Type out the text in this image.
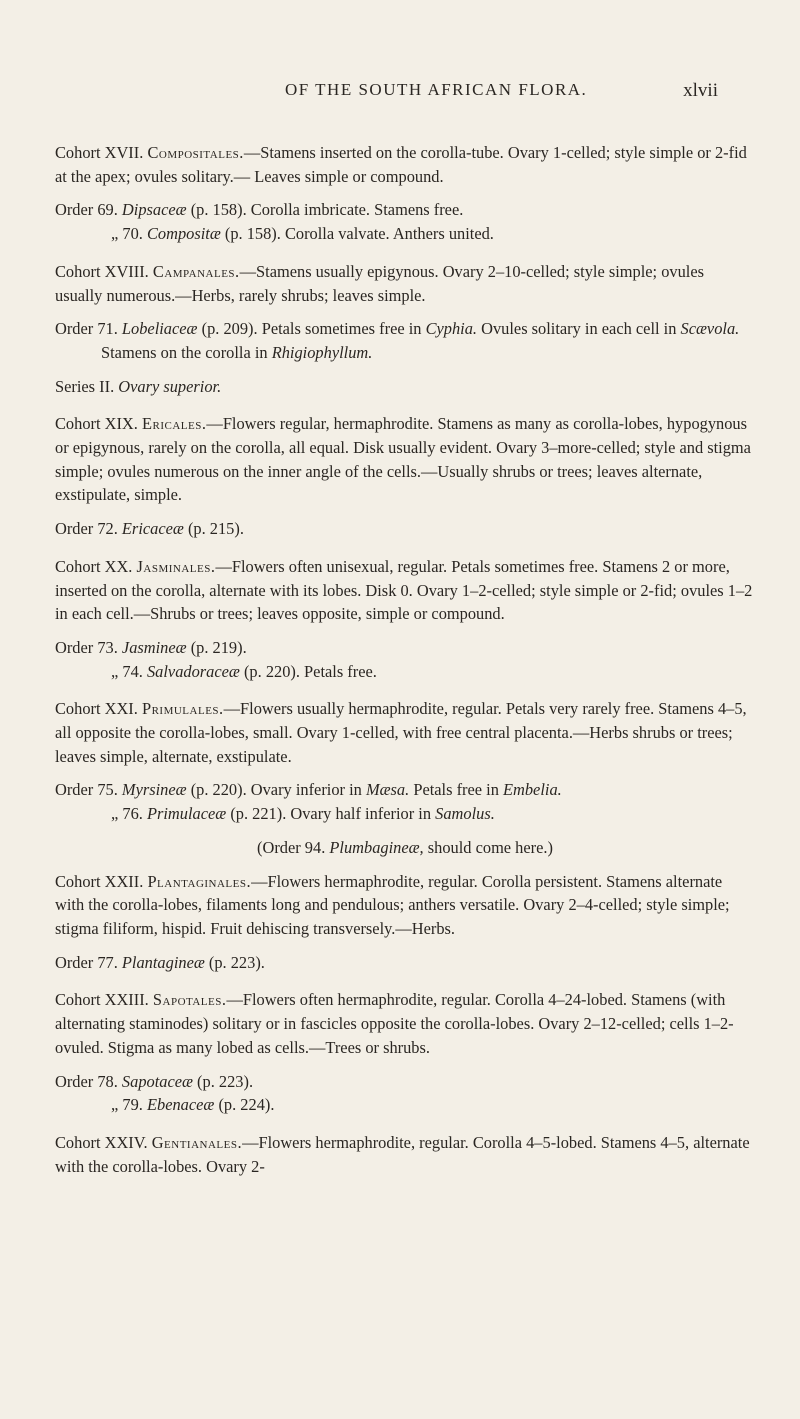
OF THE SOUTH AFRICAN FLORA.	xlvii

Cohort XVII. Compositales.—Stamens inserted on the corolla-tube. Ovary 1-celled; style simple or 2-fid at the apex; ovules solitary.— Leaves simple or compound.

Order 69. Dipsaceæ (p. 158). Corolla imbricate. Stamens free.

„ 70. Compositæ (p. 158). Corolla valvate. Anthers united.

Cohort XVIII. Campanales.—Stamens usually epigynous. Ovary 2–10-celled; style simple; ovules usually numerous.—Herbs, rarely shrubs; leaves simple.

Order 71. Lobeliaceæ (p. 209). Petals sometimes free in Cyphia. Ovules solitary in each cell in Scævola. Stamens on the corolla in Rhigiophyllum.

Series II. Ovary superior.

Cohort XIX. Ericales.—Flowers regular, hermaphrodite. Stamens as many as corolla-lobes, hypogynous or epigynous, rarely on the corolla, all equal. Disk usually evident. Ovary 3–more-celled; style and stigma simple; ovules numerous on the inner angle of the cells.—Usually shrubs or trees; leaves alternate, exstipulate, simple.

Order 72. Ericaceæ (p. 215).

Cohort XX. Jasminales.—Flowers often unisexual, regular. Petals sometimes free. Stamens 2 or more, inserted on the corolla, alternate with its lobes. Disk 0. Ovary 1–2-celled; style simple or 2-fid; ovules 1–2 in each cell.—Shrubs or trees; leaves opposite, simple or compound.

Order 73. Jasmineæ (p. 219).

„ 74. Salvadoraceæ (p. 220). Petals free.

Cohort XXI. Primulales.—Flowers usually hermaphrodite, regular. Petals very rarely free. Stamens 4–5, all opposite the corolla-lobes, small. Ovary 1-celled, with free central placenta.—Herbs shrubs or trees; leaves simple, alternate, exstipulate.

Order 75. Myrsineæ (p. 220). Ovary inferior in Mæsa. Petals free in Embelia.

„ 76. Primulaceæ (p. 221). Ovary half inferior in Samolus.

(Order 94. Plumbagineæ, should come here.)

Cohort XXII. Plantaginales.—Flowers hermaphrodite, regular. Corolla persistent. Stamens alternate with the corolla-lobes, filaments long and pendulous; anthers versatile. Ovary 2–4-celled; style simple; stigma filiform, hispid. Fruit dehiscing transversely.—Herbs.

Order 77. Plantagineæ (p. 223).

Cohort XXIII. Sapotales.—Flowers often hermaphrodite, regular. Corolla 4–24-lobed. Stamens (with alternating staminodes) solitary or in fascicles opposite the corolla-lobes. Ovary 2–12-celled; cells 1–2-ovuled. Stigma as many lobed as cells.—Trees or shrubs.

Order 78. Sapotaceæ (p. 223).

„ 79. Ebenaceæ (p. 224).

Cohort XXIV. Gentianales.—Flowers hermaphrodite, regular. Corolla 4–5-lobed. Stamens 4–5, alternate with the corolla-lobes. Ovary 2-
